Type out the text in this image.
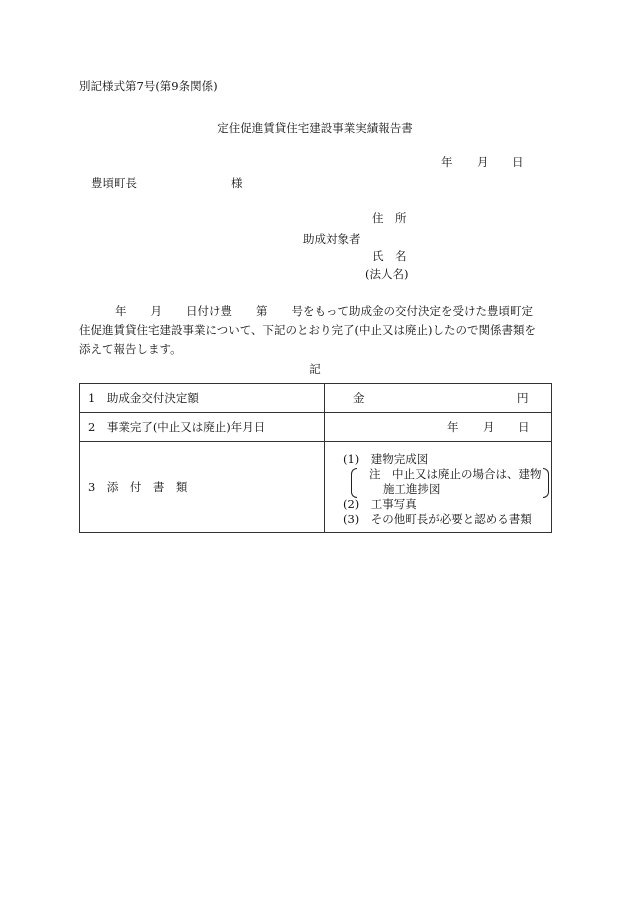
別記様式第7号(第9条関係)
定住促進賃貸住宅建設事業実績報告書
年 月 日
豊頃町長	様
住　所
助成対象者
氏　名
(法人名)
年 月 日付け豊 第 号をもって助成金の交付決定を受けた豊頃町定
住促進賃貸住宅建設事業について、下記のとおり完了(中止又は廃止)したので関係書類を
添えて報告します。
記
1　助成金交付決定額	金 円

2　事業完了(中止又は廃止)年月日	年 月 日

3　添　付　書　類	(1)　建物完成図
注　中止又は廃止の場合は、建物
施工進捗図
(2)　工事写真
(3)　その他町長が必要と認める書類
